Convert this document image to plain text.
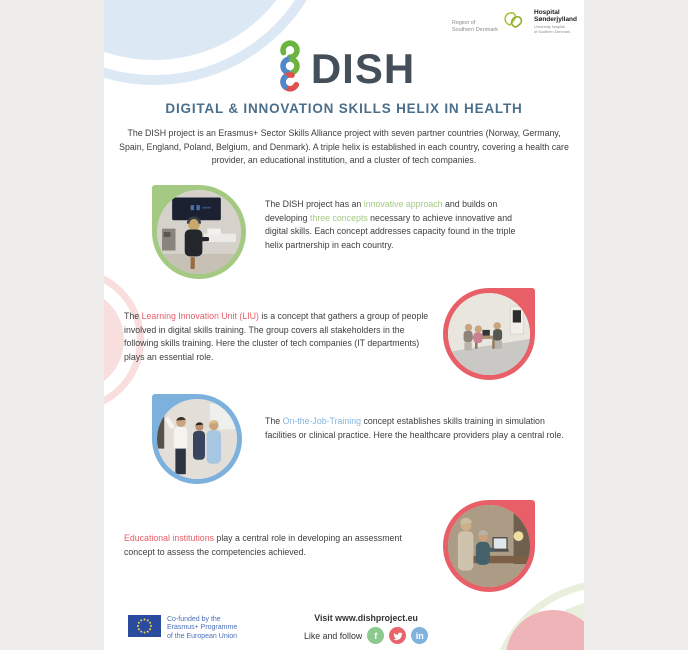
Region of
Southern Denmark
Hospital
Sønderjylland
University hospital
of Southern Denmark
DISH
DIGITAL & INNOVATION SKILLS HELIX IN HEALTH

The DISH project is an Erasmus+ Sector Skills Alliance project with seven partner countries (Norway, Germany, Spain, England, Poland, Belgium, and Denmark). A triple helix is established in each country, covering a health care provider, an educational institution, and a cluster of tech companies.

The DISH project has an innovative approach and builds on developing three concepts necessary to achieve innovative and digital skills. Each concept addresses capacity found in the triple helix partnership in each country.

The Learning Innovation Unit (LIU) is a concept that gathers a group of people involved in digital skills training. The group covers all stakeholders in the following skills training. Here the cluster of tech companies (IT departments) plays an essential role.

The On-the-Job-Training concept establishes skills training in simulation facilities or clinical practice. Here the healthcare providers play a central role.

Educational institutions play a central role in developing an assessment concept to assess the competencies achieved.

Co-funded by the
Erasmus+ Programme
of the European Union
Visit www.dishproject.eu
Like and follow	f	in
